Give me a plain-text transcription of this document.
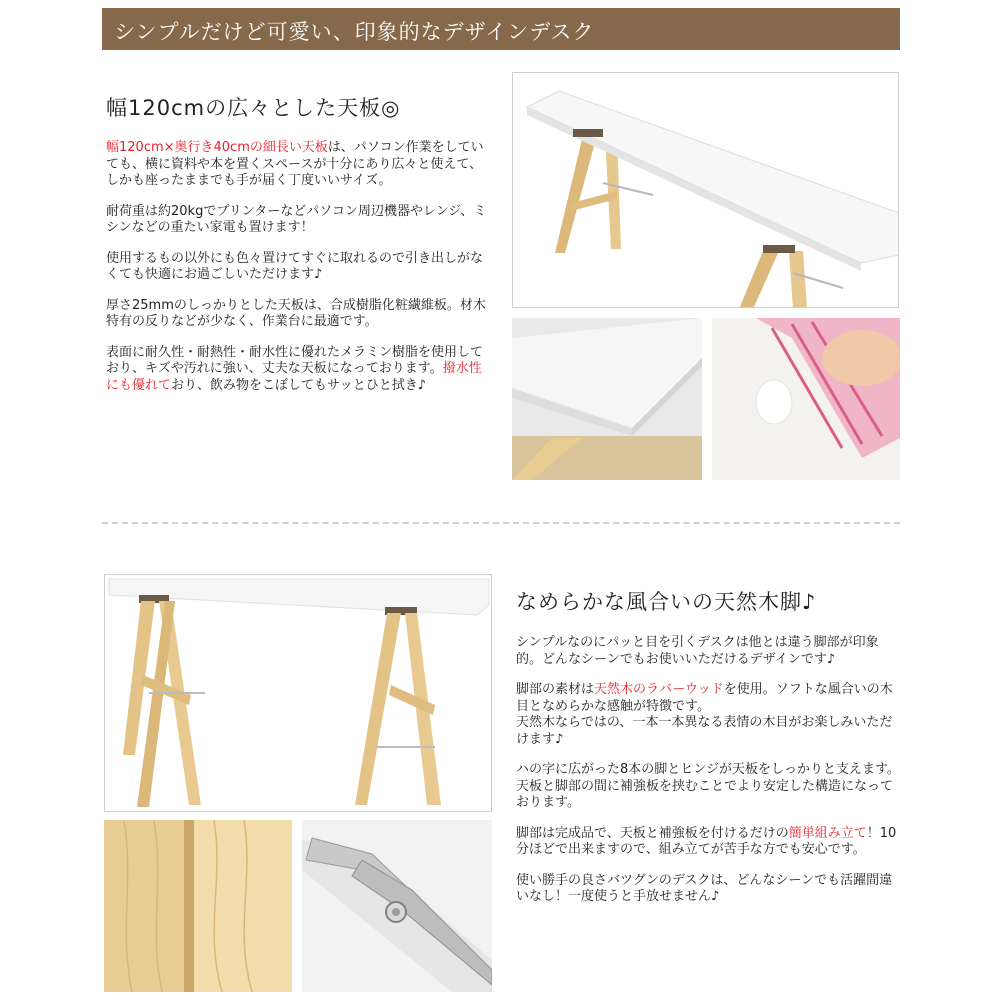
シンプルだけど可愛い、印象的なデザインデスク
幅120cmの広々とした天板◎

幅120cm×奥行き40cmの細長い天板は、パソコン作業をしていても、横に資料や本を置くスペースが十分にあり広々と使えて、しかも座ったままでも手が届く丁度いいサイズ。

耐荷重は約20kgでプリンターなどパソコン周辺機器やレンジ、ミシンなどの重たい家電も置けます！

使用するもの以外にも色々置けてすぐに取れるので引き出しがなくても快適にお過ごしいただけます♪

厚さ25mmのしっかりとした天板は、合成樹脂化粧繊維板。材木特有の反りなどが少なく、作業台に最適です。

表面に耐久性・耐熱性・耐水性に優れたメラミン樹脂を使用しており、キズや汚れに強い、丈夫な天板になっております。撥水性にも優れており、飲み物をこぼしてもサッとひと拭き♪

なめらかな風合いの天然木脚♪

シンプルなのにパッと目を引くデスクは他とは違う脚部が印象的。どんなシーンでもお使いいただけるデザインです♪

脚部の素材は天然木のラバーウッドを使用。ソフトな風合いの木目となめらかな感触が特徴です。
天然木ならではの、一本一本異なる表情の木目がお楽しみいただけます♪

ハの字に広がった8本の脚とヒンジが天板をしっかりと支えます。天板と脚部の間に補強板を挟むことでより安定した構造になっております。

脚部は完成品で、天板と補強板を付けるだけの簡単組み立て！10分ほどで出来ますので、組み立てが苦手な方でも安心です。

使い勝手の良さバツグンのデスクは、どんなシーンでも活躍間違いなし！一度使うと手放せません♪
